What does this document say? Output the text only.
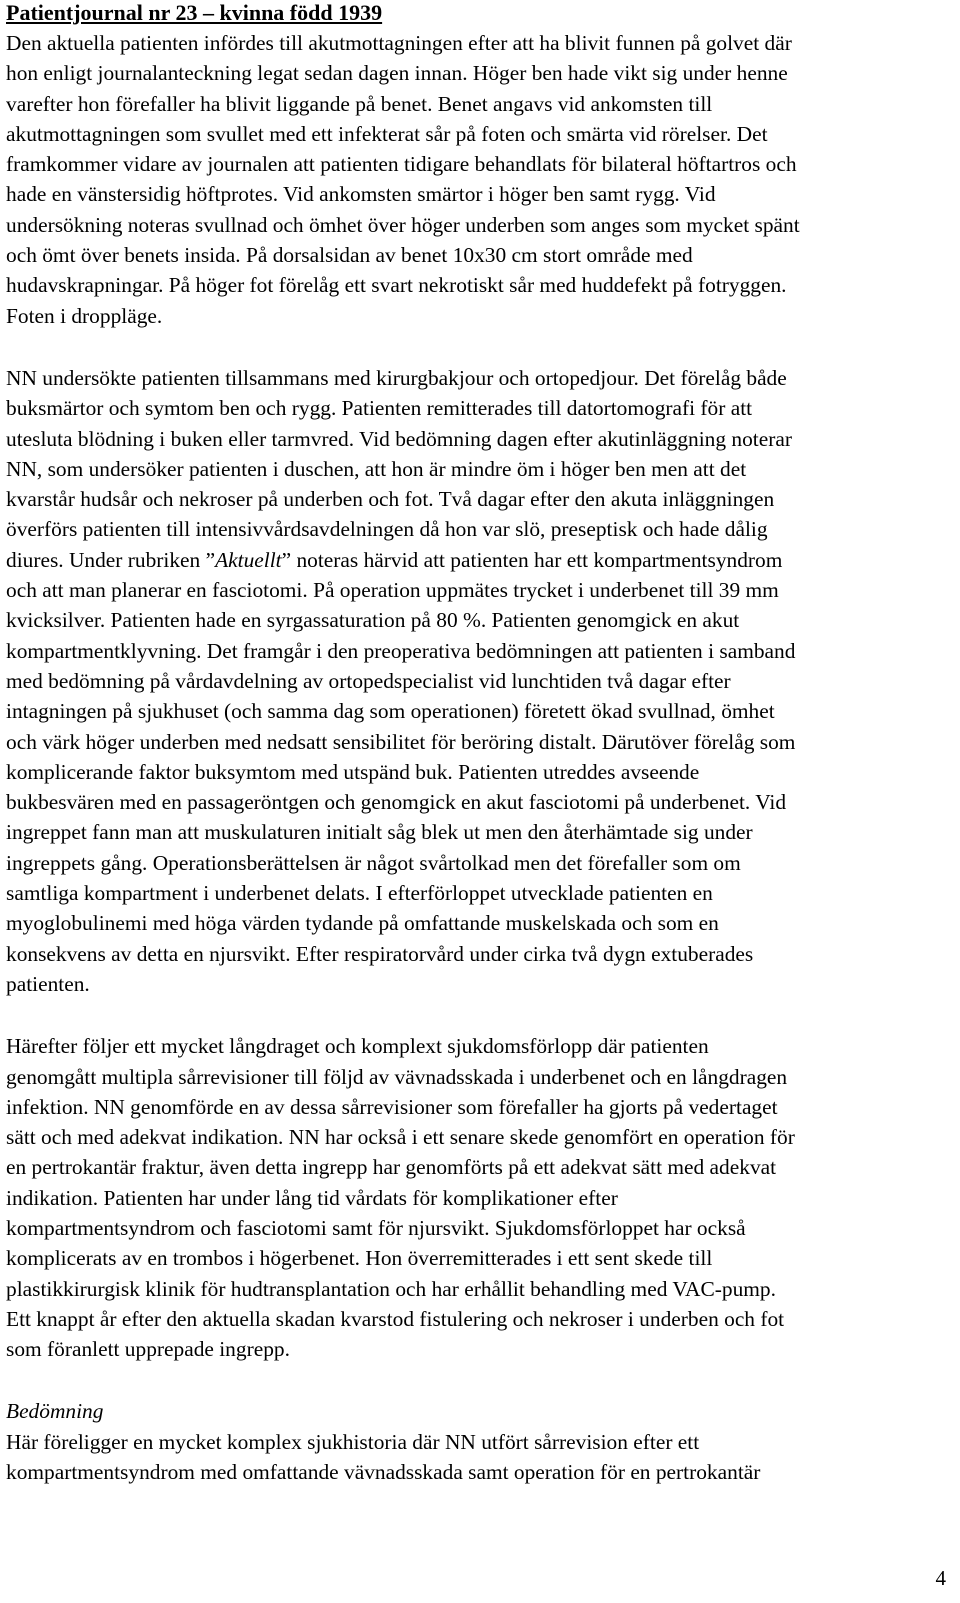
Patientjournal nr 23 – kvinna född 1939

Den aktuella patienten infördes till akutmottagningen efter att ha blivit funnen på golvet där
hon enligt journalanteckning legat sedan dagen innan. Höger ben hade vikt sig under henne
varefter hon förefaller ha blivit liggande på benet. Benet angavs vid ankomsten till
akutmottagningen som svullet med ett infekterat sår på foten och smärta vid rörelser. Det
framkommer vidare av journalen att patienten tidigare behandlats för bilateral höftartros och
hade en vänstersidig höftprotes. Vid ankomsten smärtor i höger ben samt rygg. Vid
undersökning noteras svullnad och ömhet över höger underben som anges som mycket spänt
och ömt över benets insida. På dorsalsidan av benet 10x30 cm stort område med
hudavskrapningar. På höger fot förelåg ett svart nekrotiskt sår med huddefekt på fotryggen.
Foten i droppläge.
NN undersökte patienten tillsammans med kirurgbakjour och ortopedjour. Det förelåg både
buksmärtor och symtom ben och rygg. Patienten remitterades till datortomografi för att
utesluta blödning i buken eller tarmvred. Vid bedömning dagen efter akutinläggning noterar
NN, som undersöker patienten i duschen, att hon är mindre öm i höger ben men att det
kvarstår hudsår och nekroser på underben och fot. Två dagar efter den akuta inläggningen
överförs patienten till intensivvårdsavdelningen då hon var slö, preseptisk och hade dålig
diures. Under rubriken ”Aktuellt” noteras härvid att patienten har ett kompartmentsyndrom
och att man planerar en fasciotomi. På operation uppmätes trycket i underbenet till 39 mm
kvicksilver. Patienten hade en syrgassaturation på 80 %. Patienten genomgick en akut
kompartmentklyvning. Det framgår i den preoperativa bedömningen att patienten i samband
med bedömning på vårdavdelning av ortopedspecialist vid lunchtiden två dagar efter
intagningen på sjukhuset (och samma dag som operationen) företett ökad svullnad, ömhet
och värk höger underben med nedsatt sensibilitet för beröring distalt. Därutöver förelåg som
komplicerande faktor buksymtom med utspänd buk. Patienten utreddes avseende
bukbesvären med en passageröntgen och genomgick en akut fasciotomi på underbenet. Vid
ingreppet fann man att muskulaturen initialt såg blek ut men den återhämtade sig under
ingreppets gång. Operationsberättelsen är något svårtolkad men det förefaller som om
samtliga kompartment i underbenet delats. I efterförloppet utvecklade patienten en
myoglobulinemi med höga värden tydande på omfattande muskelskada och som en
konsekvens av detta en njursvikt. Efter respiratorvård under cirka två dygn extuberades
patienten.
Härefter följer ett mycket långdraget och komplext sjukdomsförlopp där patienten
genomgått multipla sårrevisioner till följd av vävnadsskada i underbenet och en långdragen
infektion. NN genomförde en av dessa sårrevisioner som förefaller ha gjorts på vedertaget
sätt och med adekvat indikation. NN har också i ett senare skede genomfört en operation för
en pertrokantär fraktur, även detta ingrepp har genomförts på ett adekvat sätt med adekvat
indikation. Patienten har under lång tid vårdats för komplikationer efter
kompartmentsyndrom och fasciotomi samt för njursvikt. Sjukdomsförloppet har också
komplicerats av en trombos i högerbenet. Hon överremitterades i ett sent skede till
plastikkirurgisk klinik för hudtransplantation och har erhållit behandling med VAC-pump.
Ett knappt år efter den aktuella skadan kvarstod fistulering och nekroser i underben och fot
som föranlett upprepade ingrepp.

Bedömning

Här föreligger en mycket komplex sjukhistoria där NN utfört sårrevision efter ett
kompartmentsyndrom med omfattande vävnadsskada samt operation för en pertrokantär
4
